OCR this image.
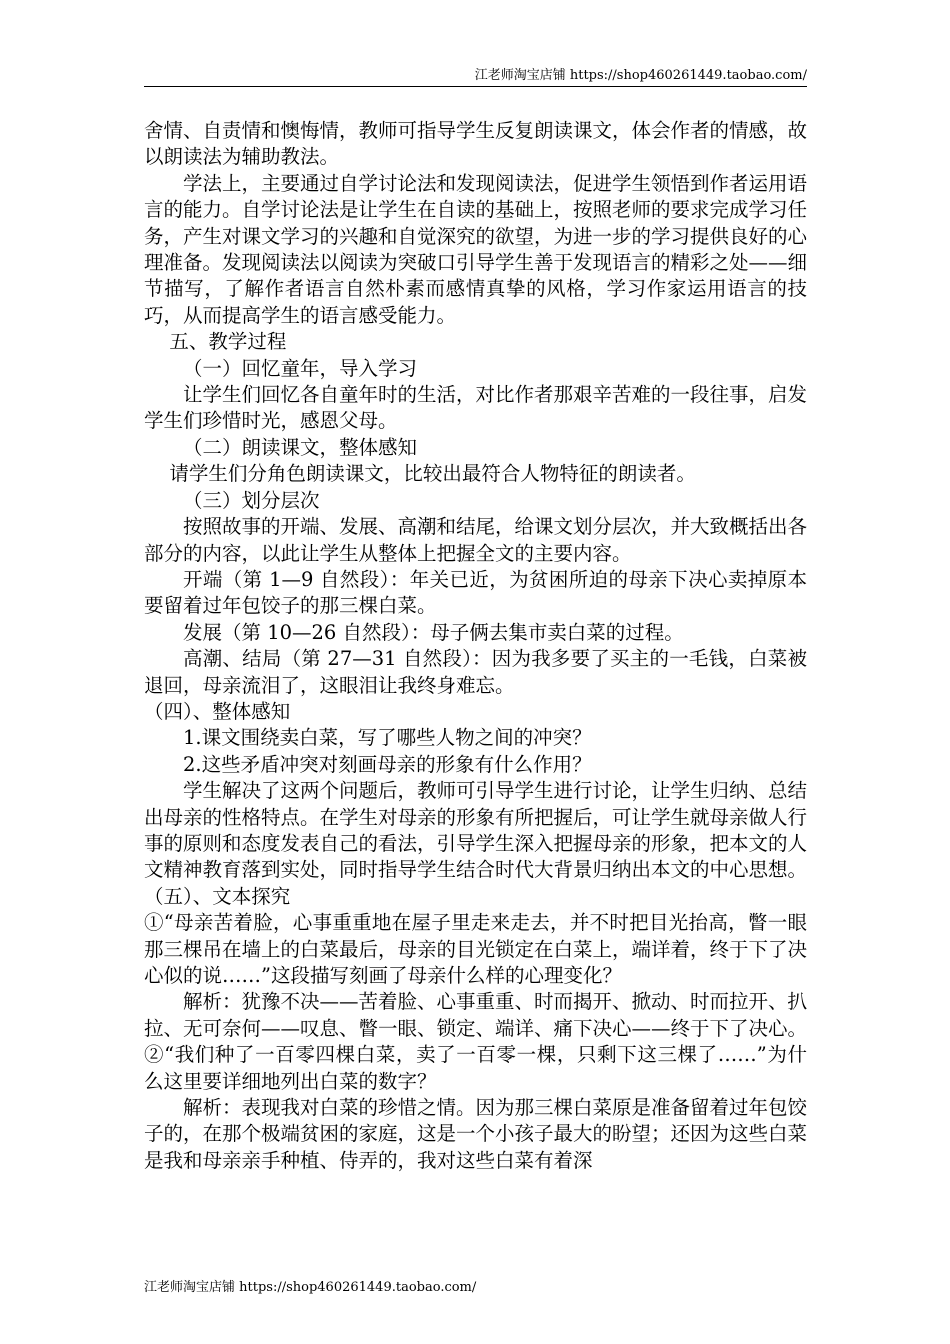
江老师淘宝店铺 https://shop460261449.taobao.com/

舍情、自责情和懊悔情，教师可指导学生反复朗读课文，体会作者的情感，故以朗读法为辅助教法。

学法上，主要通过自学讨论法和发现阅读法，促进学生领悟到作者运用语言的能力。自学讨论法是让学生在自读的基础上，按照老师的要求完成学习任务，产生对课文学习的兴趣和自觉深究的欲望，为进一步的学习提供良好的心理准备。发现阅读法以阅读为突破口引导学生善于发现语言的精彩之处——细节描写，了解作者语言自然朴素而感情真挚的风格，学习作家运用语言的技巧，从而提高学生的语言感受能力。

五、教学过程

（一）回忆童年，导入学习

让学生们回忆各自童年时的生活，对比作者那艰辛苦难的一段往事，启发学生们珍惜时光，感恩父母。

（二）朗读课文，整体感知

请学生们分角色朗读课文，比较出最符合人物特征的朗读者。

（三）划分层次

按照故事的开端、发展、高潮和结尾，给课文划分层次，并大致概括出各部分的内容，以此让学生从整体上把握全文的主要内容。

开端（第 1—9 自然段）：年关已近，为贫困所迫的母亲下决心卖掉原本要留着过年包饺子的那三棵白菜。

发展（第 10—26 自然段）：母子俩去集市卖白菜的过程。

高潮、结局（第 27—31 自然段）：因为我多要了买主的一毛钱，白菜被退回，母亲流泪了，这眼泪让我终身难忘。

（四）、整体感知

1.课文围绕卖白菜，写了哪些人物之间的冲突？

2.这些矛盾冲突对刻画母亲的形象有什么作用？

学生解决了这两个问题后，教师可引导学生进行讨论，让学生归纳、总结出母亲的性格特点。在学生对母亲的形象有所把握后，可让学生就母亲做人行事的原则和态度发表自己的看法，引导学生深入把握母亲的形象，把本文的人文精神教育落到实处，同时指导学生结合时代大背景归纳出本文的中心思想。

（五）、文本探究

①“母亲苦着脸，心事重重地在屋子里走来走去，并不时把目光抬高，瞥一眼那三棵吊在墙上的白菜最后，母亲的目光锁定在白菜上，端详着，终于下了决心似的说……”这段描写刻画了母亲什么样的心理变化？

解析：犹豫不决——苦着脸、心事重重、时而揭开、掀动、时而拉开、扒拉、无可奈何——叹息、瞥一眼、锁定、端详、痛下决心——终于下了决心。

②“我们种了一百零四棵白菜，卖了一百零一棵，只剩下这三棵了……”为什么这里要详细地列出白菜的数字？

解析：表现我对白菜的珍惜之情。因为那三棵白菜原是准备留着过年包饺子的，在那个极端贫困的家庭，这是一个小孩子最大的盼望；还因为这些白菜是我和母亲亲手种植、侍弄的，我对这些白菜有着深

江老师淘宝店铺 https://shop460261449.taobao.com/
